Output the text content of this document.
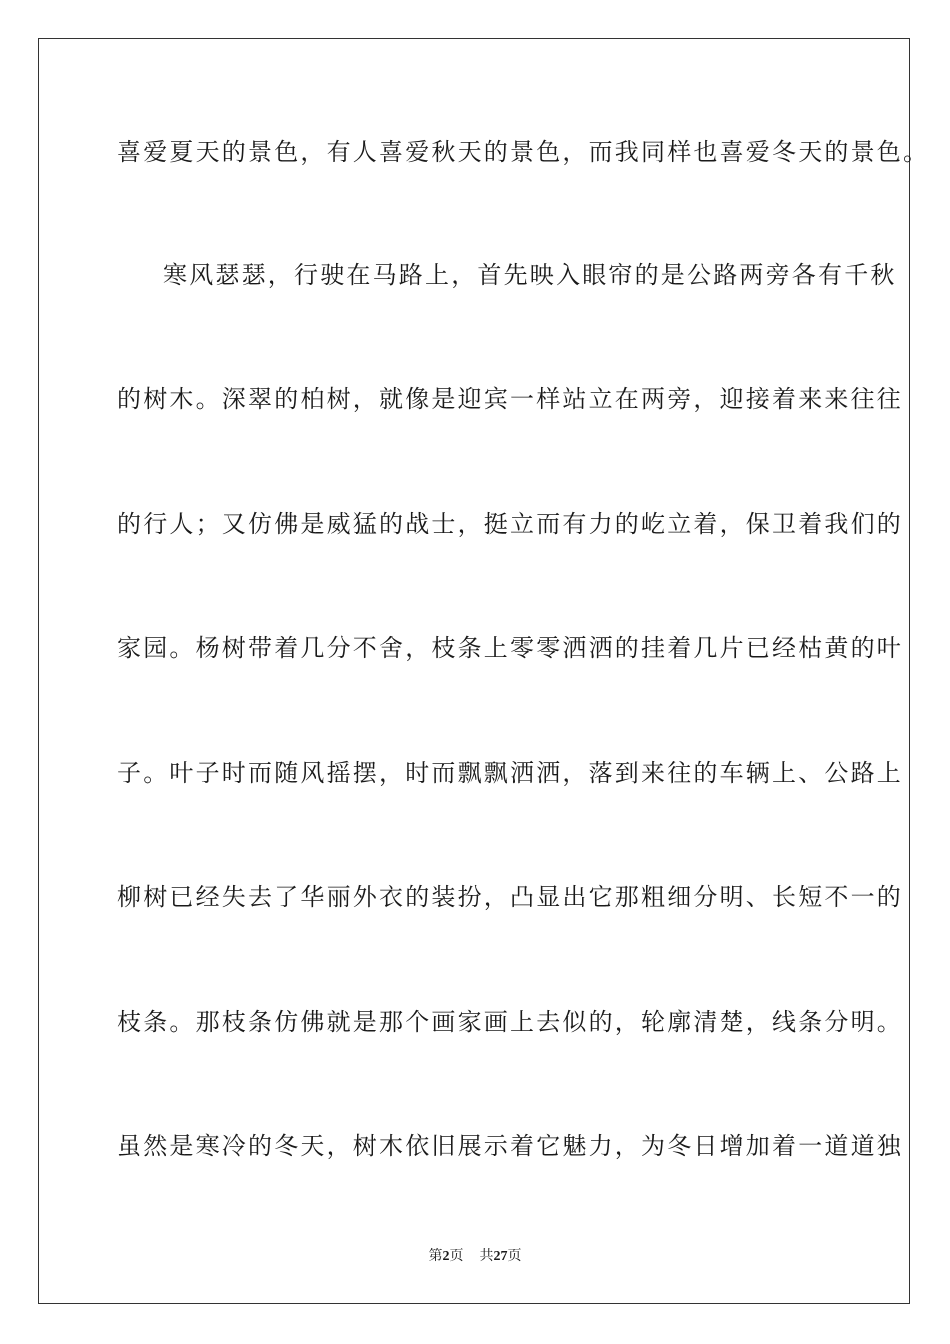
喜爱夏天的景色，有人喜爱秋天的景色，而我同样也喜爱冬天的景色。
寒风瑟瑟，行驶在马路上，首先映入眼帘的是公路两旁各有千秋
的树木。深翠的柏树，就像是迎宾一样站立在两旁，迎接着来来往往
的行人；又仿佛是威猛的战士，挺立而有力的屹立着，保卫着我们的
家园。杨树带着几分不舍，枝条上零零洒洒的挂着几片已经枯黄的叶
子。叶子时而随风摇摆，时而飘飘洒洒，落到来往的车辆上、公路上
柳树已经失去了华丽外衣的装扮，凸显出它那粗细分明、长短不一的
枝条。那枝条仿佛就是那个画家画上去似的，轮廓清楚，线条分明。
虽然是寒冷的冬天，树木依旧展示着它魅力，为冬日增加着一道道独
第2页 共27页
